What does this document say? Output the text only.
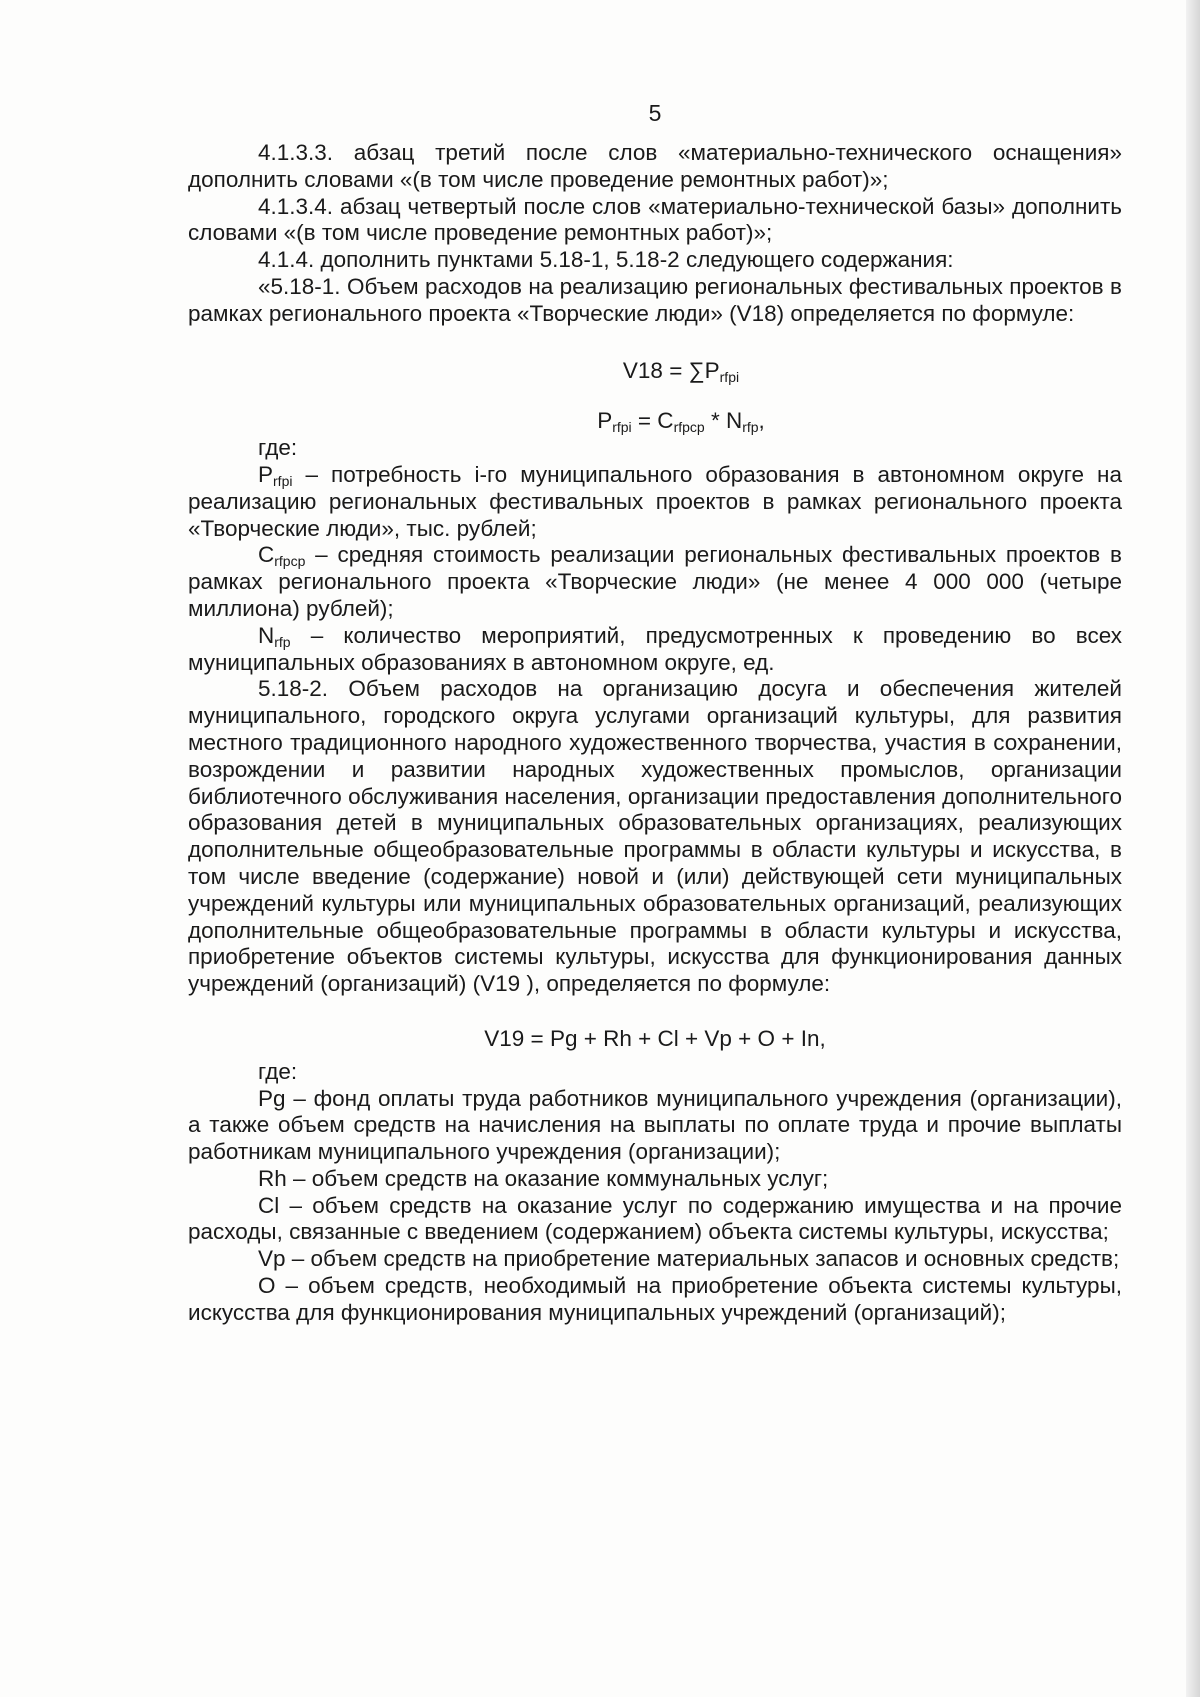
5

4.1.3.3. абзац третий после слов «материально-технического оснащения» дополнить словами «(в том числе проведение ремонтных работ)»;

4.1.3.4. абзац четвертый после слов «материально-технической базы» дополнить словами «(в том числе проведение ремонтных работ)»;

4.1.4. дополнить пунктами 5.18-1, 5.18-2 следующего содержания:

«5.18-1. Объем расходов на реализацию региональных фестивальных проектов в рамках регионального проекта «Творческие люди» (V18) определяется по формуле:

$V18 = \sum P_{rfpi}$
$P_{rfpi} = C_{rfpcp} * N_{rfp}$,

где:

$P_{rfpi}$ – потребность i-го муниципального образования в автономном округе на реализацию региональных фестивальных проектов в рамках регионального проекта «Творческие люди», тыс. рублей;

$C_{rfpcp}$ – средняя стоимость реализации региональных фестивальных проектов в рамках регионального проекта «Творческие люди» (не менее 4 000 000 (четыре миллиона) рублей);

$N_{rfp}$ – количество мероприятий, предусмотренных к проведению во всех муниципальных образованиях в автономном округе, ед.

5.18-2. Объем расходов на организацию досуга и обеспечения жителей муниципального, городского округа услугами организаций культуры, для развития местного традиционного народного художественного творчества, участия в сохранении, возрождении и развитии народных художественных промыслов, организации библиотечного обслуживания населения, организации предоставления дополнительного образования детей в муниципальных образовательных организациях, реализующих дополнительные общеобразовательные программы в области культуры и искусства, в том числе введение (содержание) новой и (или) действующей сети муниципальных учреждений культуры или муниципальных образовательных организаций, реализующих дополнительные общеобразовательные программы в области культуры и искусства, приобретение объектов системы культуры, искусства для функционирования данных учреждений (организаций) (V19 ), определяется по формуле:

V19 = Pg + Rh + Cl + Vp + O + In,

где:

Pg – фонд оплаты труда работников муниципального учреждения (организации), а также объем средств на начисления на выплаты по оплате труда и прочие выплаты работникам муниципального учреждения (организации);

Rh – объем средств на оказание коммунальных услуг;

Cl – объем средств на оказание услуг по содержанию имущества и на прочие расходы, связанные с введением (содержанием) объекта системы культуры, искусства;

Vp – объем средств на приобретение материальных запасов и основных средств;

O – объем средств, необходимый на приобретение объекта системы культуры, искусства для функционирования муниципальных учреждений (организаций);
